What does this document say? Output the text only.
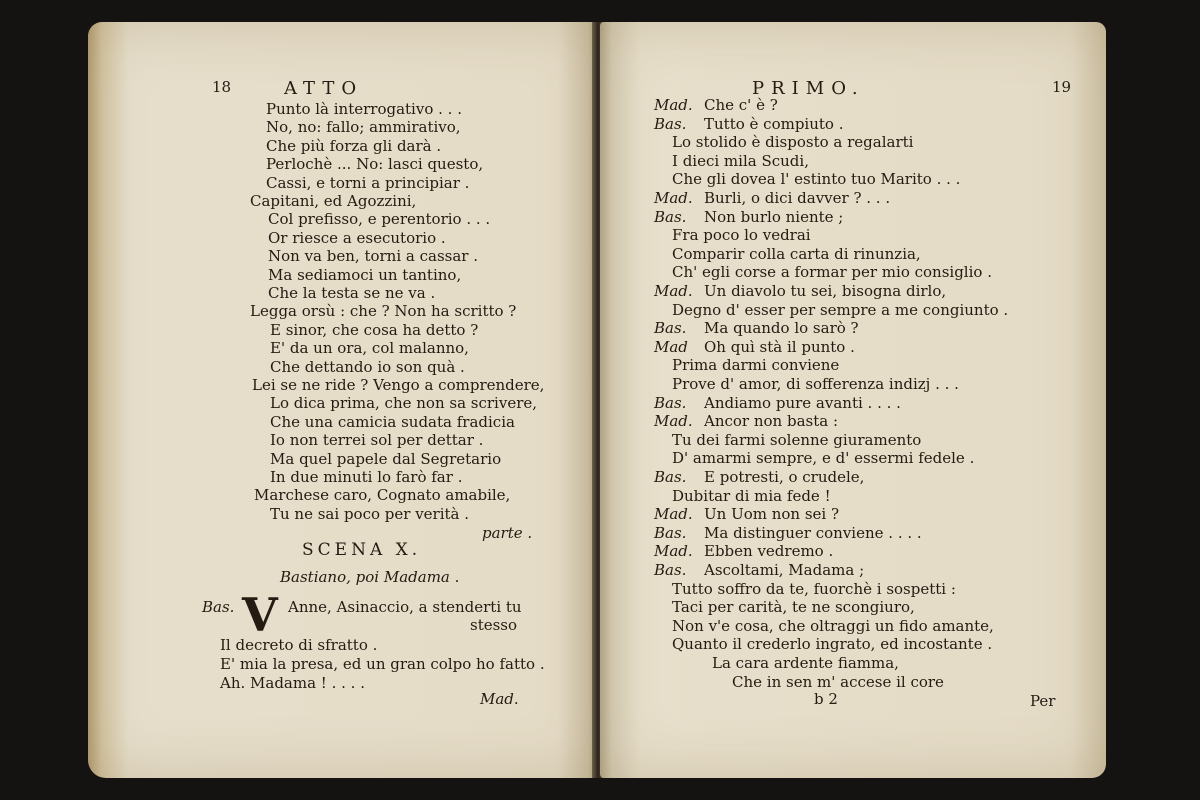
18	ATTO
Punto là interrogativo . . .
No, no: fallo; ammirativo,
Che più forza gli darà .
Perlochè ... No: lasci questo,
Cassi, e torni a principiar .
Capitani, ed Agozzini,
Col prefisso, e perentorio . . .
Or riesce a esecutorio .
Non va ben, torni a cassar .
Ma sediamoci un tantino,
Che la testa se ne va .
Legga orsù : che ? Non ha scritto ?
E sinor, che cosa ha detto ?
E' da un ora, col malanno,
Che dettando io son quà .
Lei se ne ride ? Vengo a comprendere,
Lo dica prima, che non sa scrivere,
Che una camicia sudata fradicia
Io non terrei sol per dettar .
Ma quel papele dal Segretario
In due minuti lo farò far .
Marchese caro, Cognato amabile,
Tu ne sai poco per verità .
parte .
SCENA X.
Bastiano, poi Madama .
Bas. V Anne, Asinaccio, a stenderti tu
stesso
Il decreto di sfratto .
E' mia la presa, ed un gran colpo ho fatto .
Ah. Madama ! . . . .
Mad.
PRIMO.	19
Mad. Che c' è ?
Bas. Tutto è compiuto .
Lo stolido è disposto a regalarti
I dieci mila Scudi,
Che gli dovea l' estinto tuo Marito . . .
Mad. Burli, o dici davver ? . . .
Bas. Non burlo niente ;
Fra poco lo vedrai
Comparir colla carta di rinunzia,
Ch' egli corse a formar per mio consiglio .
Mad. Un diavolo tu sei, bisogna dirlo,
Degno d' esser per sempre a me congiunto .
Bas. Ma quando lo sarò ?
Mad Oh quì stà il punto .
Prima darmi conviene
Prove d' amor, di sofferenza indizj . . .
Bas. Andiamo pure avanti . . . .
Mad. Ancor non basta :
Tu dei farmi solenne giuramento
D' amarmi sempre, e d' essermi fedele .
Bas. E potresti, o crudele,
Dubitar di mia fede !
Mad. Un Uom non sei ?
Bas. Ma distinguer conviene . . . .
Mad. Ebben vedremo .
Bas. Ascoltami, Madama ;
Tutto soffro da te, fuorchè i sospetti :
Taci per carità, te ne scongiuro,
Non v'e cosa, che oltraggi un fido amante,
Quanto il crederlo ingrato, ed incostante .
La cara ardente fiamma,
Che in sen m' accese il core
b 2	Per
